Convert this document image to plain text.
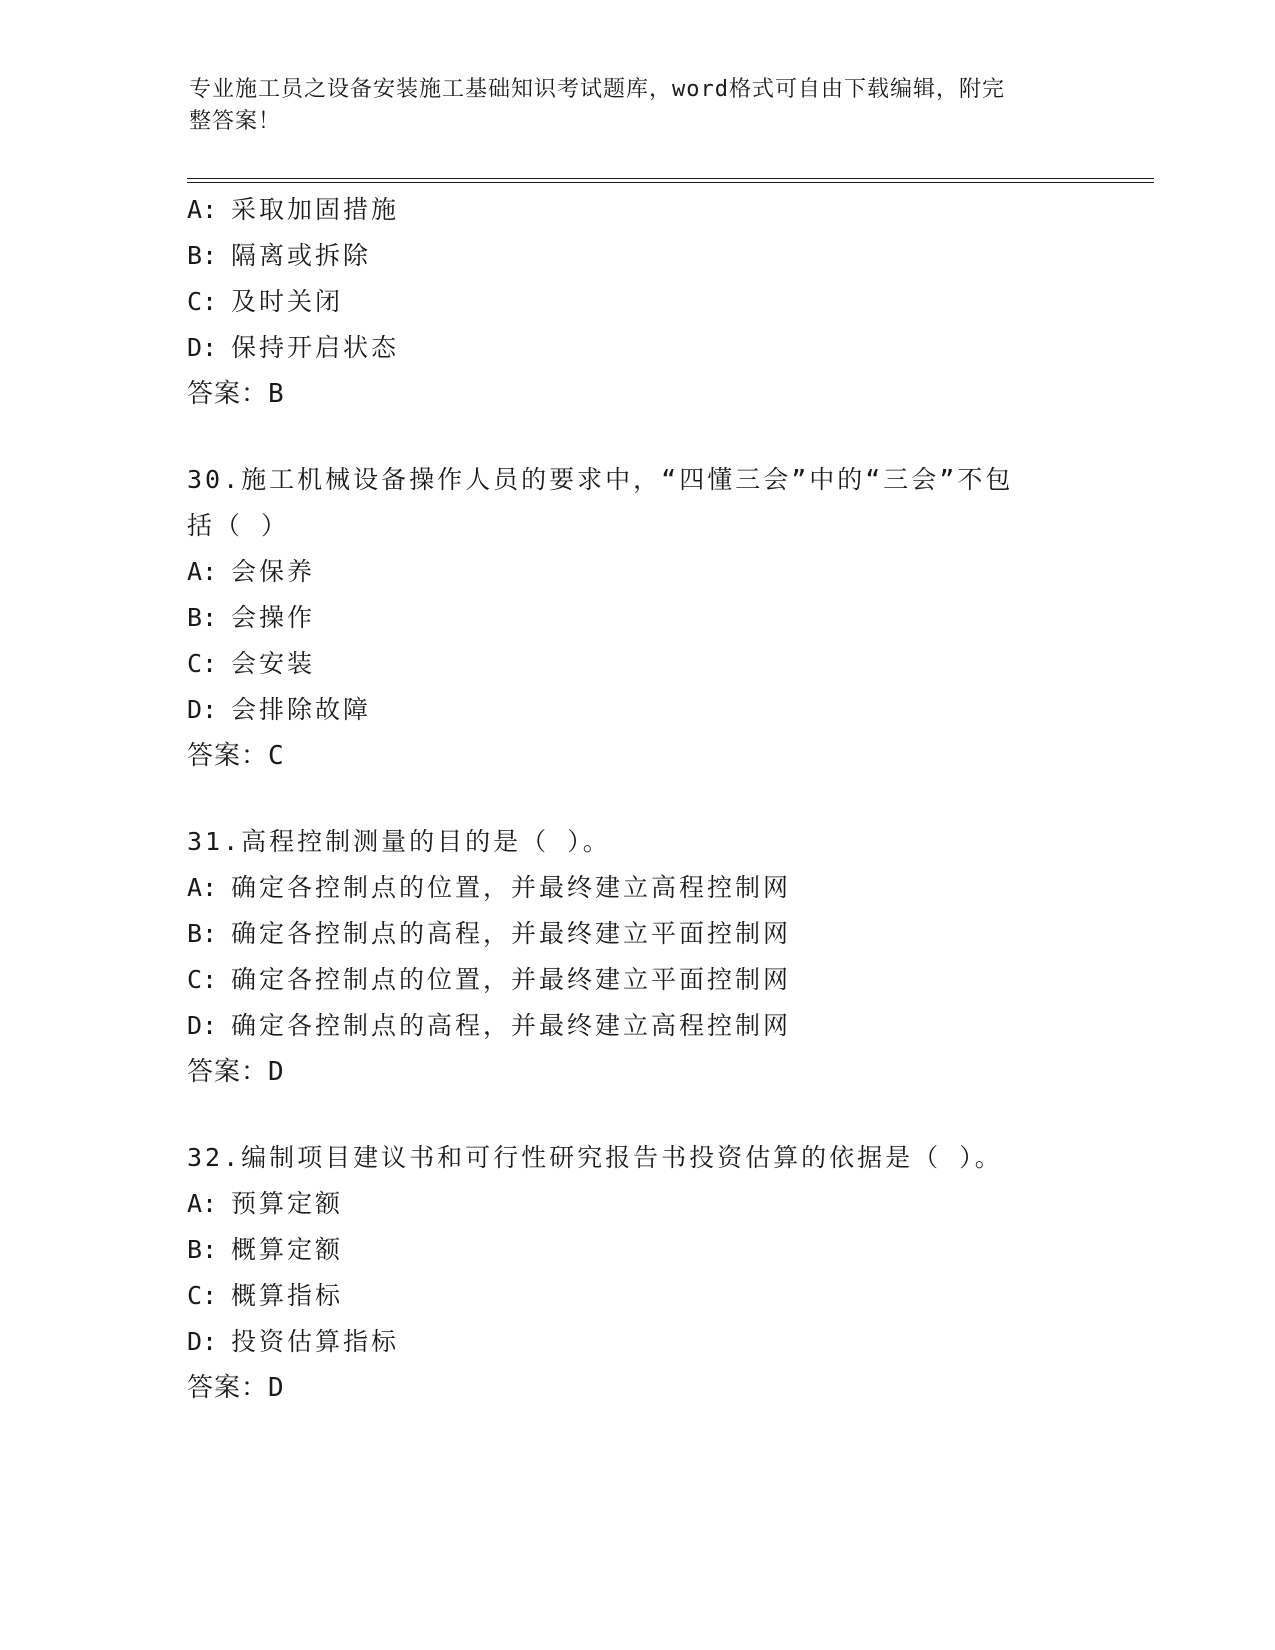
专业施工员之设备安装施工基础知识考试题库，word格式可自由下载编辑，附完
整答案！
A: 采取加固措施
B: 隔离或拆除
C: 及时关闭
D: 保持开启状态
答案：B
30.施工机械设备操作人员的要求中，“四懂三会”中的“三会”不包
括（ ）
A: 会保养
B: 会操作
C: 会安装
D: 会排除故障
答案：C
31.高程控制测量的目的是（ ）。
A: 确定各控制点的位置，并最终建立高程控制网
B: 确定各控制点的高程，并最终建立平面控制网
C: 确定各控制点的位置，并最终建立平面控制网
D: 确定各控制点的高程，并最终建立高程控制网
答案：D
32.编制项目建议书和可行性研究报告书投资估算的依据是（ ）。
A: 预算定额
B: 概算定额
C: 概算指标
D: 投资估算指标
答案：D
